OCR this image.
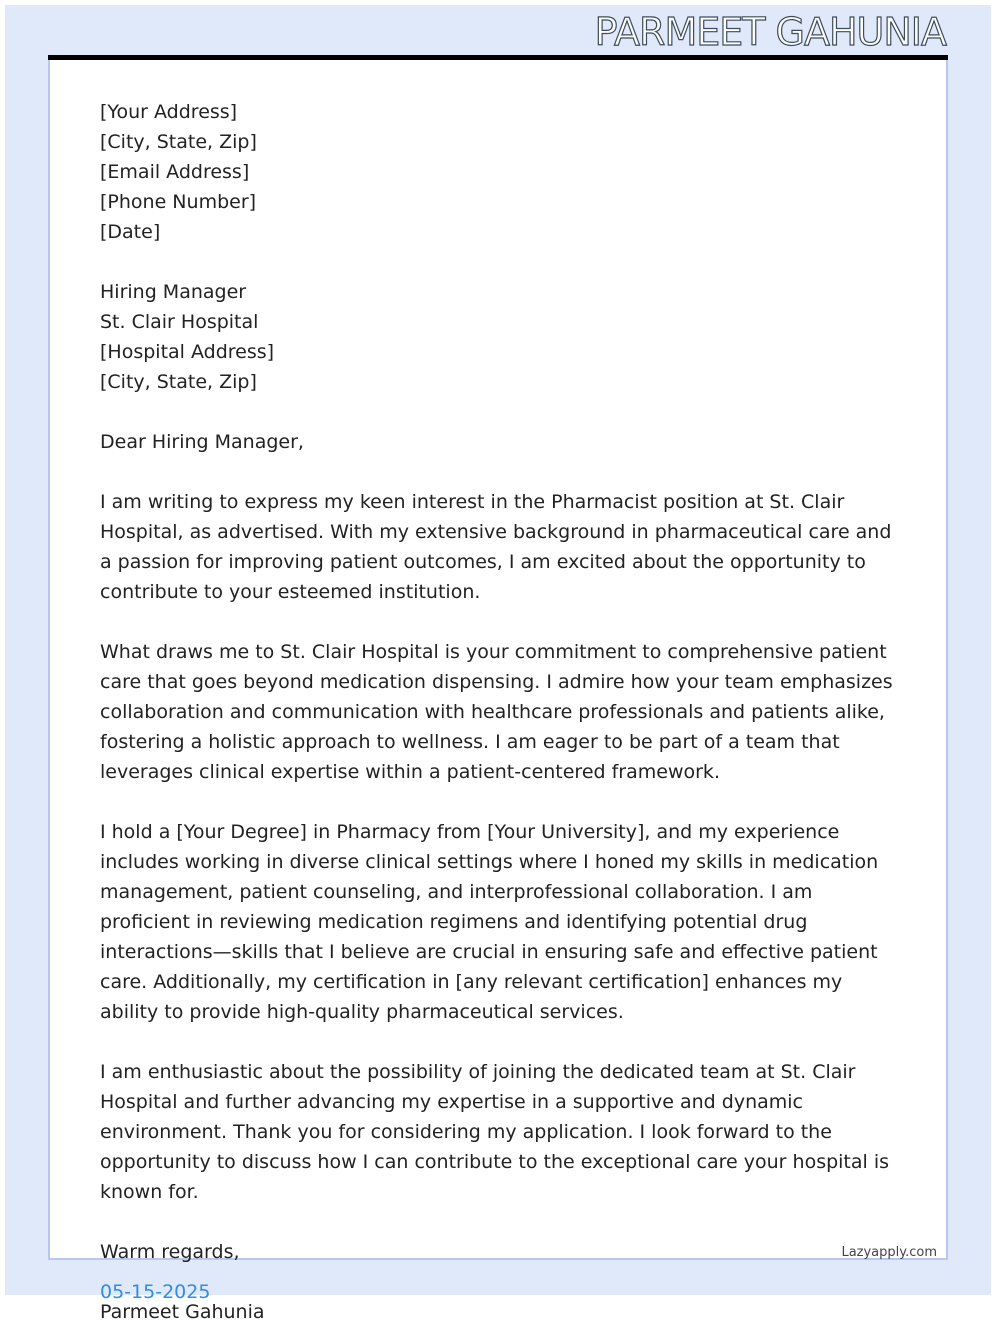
PARMEET GAHUNIA
[Your Address]
[City, State, Zip]
[Email Address]
[Phone Number]
[Date]
Hiring Manager
St. Clair Hospital
[Hospital Address]
[City, State, Zip]
Dear Hiring Manager,

I am writing to express my keen interest in the Pharmacist position at St. Clair Hospital, as advertised. With my extensive background in pharmaceutical care and a passion for improving patient outcomes, I am excited about the opportunity to contribute to your esteemed institution.

What draws me to St. Clair Hospital is your commitment to comprehensive patient care that goes beyond medication dispensing. I admire how your team emphasizes collaboration and communication with healthcare professionals and patients alike, fostering a holistic approach to wellness. I am eager to be part of a team that leverages clinical expertise within a patient-centered framework.

I hold a [Your Degree] in Pharmacy from [Your University], and my experience includes working in diverse clinical settings where I honed my skills in medication management, patient counseling, and interprofessional collaboration. I am proficient in reviewing medication regimens and identifying potential drug interactions—skills that I believe are crucial in ensuring safe and effective patient care. Additionally, my certification in [any relevant certification] enhances my ability to provide high-quality pharmaceutical services.

I am enthusiastic about the possibility of joining the dedicated team at St. Clair Hospital and further advancing my expertise in a supportive and dynamic environment. Thank you for considering my application. I look forward to the opportunity to discuss how I can contribute to the exceptional care your hospital is known for.

Warm regards,
Parmeet Gahunia
05-15-2025
Lazyapply.com
